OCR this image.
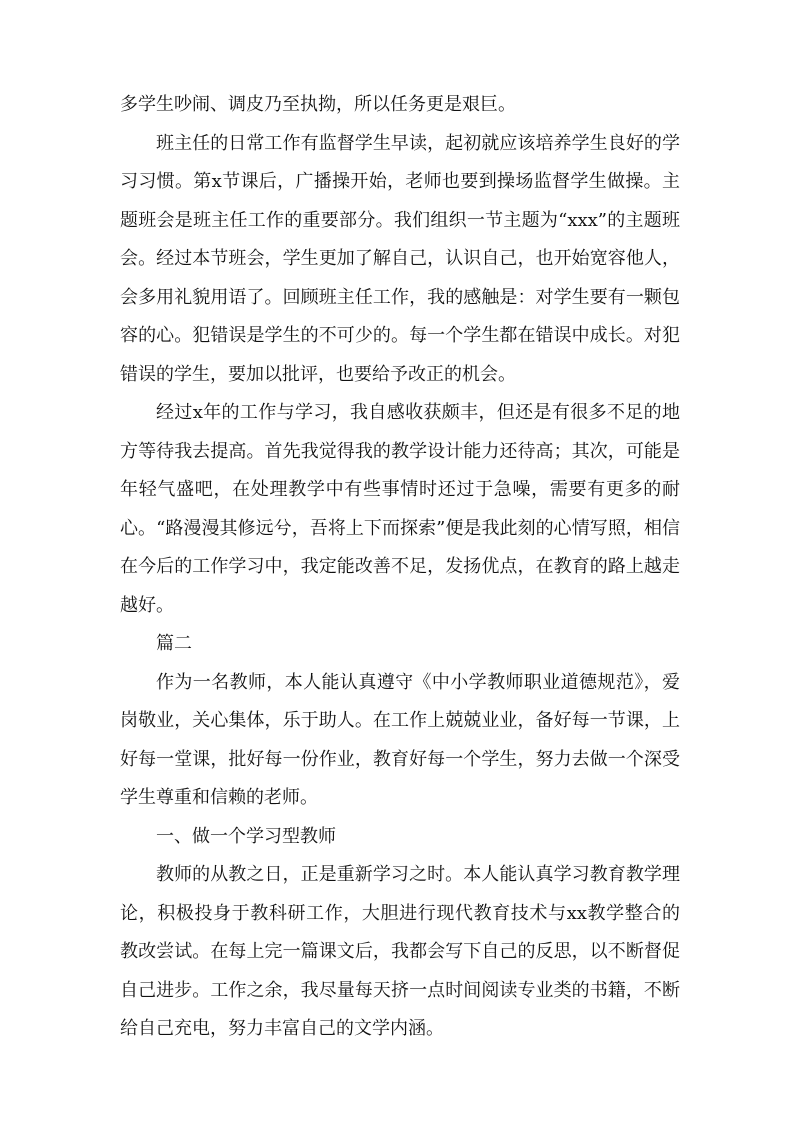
多学生吵闹、调皮乃至执拗，所以任务更是艰巨。

班主任的日常工作有监督学生早读，起初就应该培养学生良好的学习习惯。第x节课后，广播操开始，老师也要到操场监督学生做操。主题班会是班主任工作的重要部分。我们组织一节主题为“xxx”的主题班会。经过本节班会，学生更加了解自己，认识自己，也开始宽容他人，会多用礼貌用语了。回顾班主任工作，我的感触是：对学生要有一颗包容的心。犯错误是学生的不可少的。每一个学生都在错误中成长。对犯错误的学生，要加以批评，也要给予改正的机会。

经过x年的工作与学习，我自感收获颇丰，但还是有很多不足的地方等待我去提高。首先我觉得我的教学设计能力还待高；其次，可能是年轻气盛吧，在处理教学中有些事情时还过于急噪，需要有更多的耐心。“路漫漫其修远兮，吾将上下而探索”便是我此刻的心情写照，相信在今后的工作学习中，我定能改善不足，发扬优点，在教育的路上越走越好。

篇二

作为一名教师，本人能认真遵守《中小学教师职业道德规范》，爱岗敬业，关心集体，乐于助人。在工作上兢兢业业，备好每一节课，上好每一堂课，批好每一份作业，教育好每一个学生，努力去做一个深受学生尊重和信赖的老师。

一、做一个学习型教师

教师的从教之日，正是重新学习之时。本人能认真学习教育教学理论，积极投身于教科研工作，大胆进行现代教育技术与xx教学整合的教改尝试。在每上完一篇课文后，我都会写下自己的反思，以不断督促自己进步。工作之余，我尽量每天挤一点时间阅读专业类的书籍，不断给自己充电，努力丰富自己的文学内涵。
